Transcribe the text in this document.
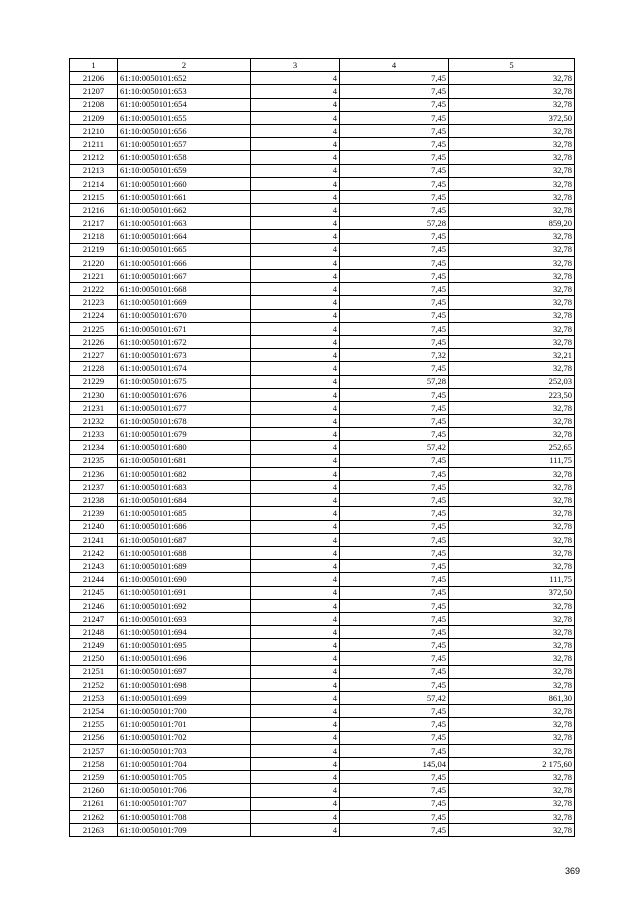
1	2	3	4	5
21206	61:10:0050101:652	4	7,45	32,78
21207	61:10:0050101:653	4	7,45	32,78
21208	61:10:0050101:654	4	7,45	32,78
21209	61:10:0050101:655	4	7,45	372,50
21210	61:10:0050101:656	4	7,45	32,78
21211	61:10:0050101:657	4	7,45	32,78
21212	61:10:0050101:658	4	7,45	32,78
21213	61:10:0050101:659	4	7,45	32,78
21214	61:10:0050101:660	4	7,45	32,78
21215	61:10:0050101:661	4	7,45	32,78
21216	61:10:0050101:662	4	7,45	32,78
21217	61:10:0050101:663	4	57,28	859,20
21218	61:10:0050101:664	4	7,45	32,78
21219	61:10:0050101:665	4	7,45	32,78
21220	61:10:0050101:666	4	7,45	32,78
21221	61:10:0050101:667	4	7,45	32,78
21222	61:10:0050101:668	4	7,45	32,78
21223	61:10:0050101:669	4	7,45	32,78
21224	61:10:0050101:670	4	7,45	32,78
21225	61:10:0050101:671	4	7,45	32,78
21226	61:10:0050101:672	4	7,45	32,78
21227	61:10:0050101:673	4	7,32	32,21
21228	61:10:0050101:674	4	7,45	32,78
21229	61:10:0050101:675	4	57,28	252,03
21230	61:10:0050101:676	4	7,45	223,50
21231	61:10:0050101:677	4	7,45	32,78
21232	61:10:0050101:678	4	7,45	32,78
21233	61:10:0050101:679	4	7,45	32,78
21234	61:10:0050101:680	4	57,42	252,65
21235	61:10:0050101:681	4	7,45	111,75
21236	61:10:0050101:682	4	7,45	32,78
21237	61:10:0050101:683	4	7,45	32,78
21238	61:10:0050101:684	4	7,45	32,78
21239	61:10:0050101:685	4	7,45	32,78
21240	61:10:0050101:686	4	7,45	32,78
21241	61:10:0050101:687	4	7,45	32,78
21242	61:10:0050101:688	4	7,45	32,78
21243	61:10:0050101:689	4	7,45	32,78
21244	61:10:0050101:690	4	7,45	111,75
21245	61:10:0050101:691	4	7,45	372,50
21246	61:10:0050101:692	4	7,45	32,78
21247	61:10:0050101:693	4	7,45	32,78
21248	61:10:0050101:694	4	7,45	32,78
21249	61:10:0050101:695	4	7,45	32,78
21250	61:10:0050101:696	4	7,45	32,78
21251	61:10:0050101:697	4	7,45	32,78
21252	61:10:0050101:698	4	7,45	32,78
21253	61:10:0050101:699	4	57,42	861,30
21254	61:10:0050101:700	4	7,45	32,78
21255	61:10:0050101:701	4	7,45	32,78
21256	61:10:0050101:702	4	7,45	32,78
21257	61:10:0050101:703	4	7,45	32,78
21258	61:10:0050101:704	4	145,04	2 175,60
21259	61:10:0050101:705	4	7,45	32,78
21260	61:10:0050101:706	4	7,45	32,78
21261	61:10:0050101:707	4	7,45	32,78
21262	61:10:0050101:708	4	7,45	32,78
21263	61:10:0050101:709	4	7,45	32,78
369
